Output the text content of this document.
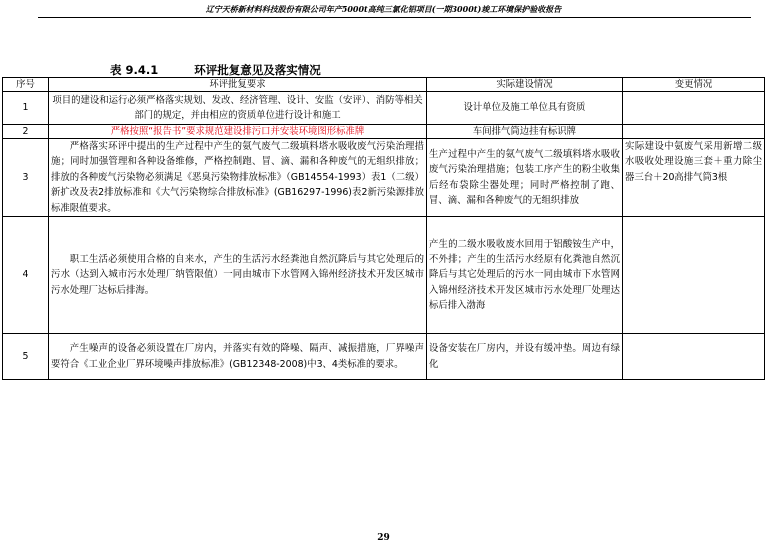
辽宁天桥新材料科技股份有限公司年产5000t高纯三氯化铝项目(一期3000t)竣工环境保护验收报告
表 9.4.1	环评批复意见及落实情况
序号	环评批复要求	实际建设情况	变更情况
1	项目的建设和运行必须严格落实规划、发改、经济管理、设计、安监（安评）、消防等相关部门的规定，并由相应的资质单位进行设计和施工	设计单位及施工单位具有资质	
2	严格按照“报告书”要求规范建设排污口并安装环境图形标准牌	车间排气筒边挂有标识牌	
3	严格落实环评中提出的生产过程中产生的氨气废气二级填料塔水吸收废气污染治理措施；同时加强管理和各种设备维修，严格控制跑、冒、滴、漏和各种废气的无组织排放；排放的各种废气污染物必须满足《恶臭污染物排放标准》（GB14554-1993）表1（二级）新扩改及表2排放标准和《大气污染物综合排放标准》(GB16297-1996)表2新污染源排放标准限值要求。	生产过程中产生的氨气废气二级填料塔水吸收废气污染治理措施；包装工序产生的粉尘收集后经布袋除尘器处理；同时严格控制了跑、冒、滴、漏和各种废气的无组织排放	实际建设中氨废气采用新增二级水吸收处理设施三套＋重力除尘器三台＋20高排气筒3根
4	职工生活必须使用合格的自来水，产生的生活污水经粪池自然沉降后与其它处理后的污水（达到入城市污水处理厂纳管限值）一同由城市下水管网入锦州经济技术开发区城市污水处理厂达标后排海。	产生的二级水吸收废水回用于铝酸铵生产中，不外排；产生的生活污水经原有化粪池自然沉降后与其它处理后的污水一同由城市下水管网入锦州经济技术开发区城市污水处理厂处理达标后排入渤海	
5	产生噪声的设备必须设置在厂房内，并落实有效的降噪、隔声、减振措施，厂界噪声要符合《工业企业厂界环境噪声排放标准》(GB12348-2008)中3、4类标准的要求。	设备安装在厂房内，并设有缓冲垫。周边有绿化	
29
